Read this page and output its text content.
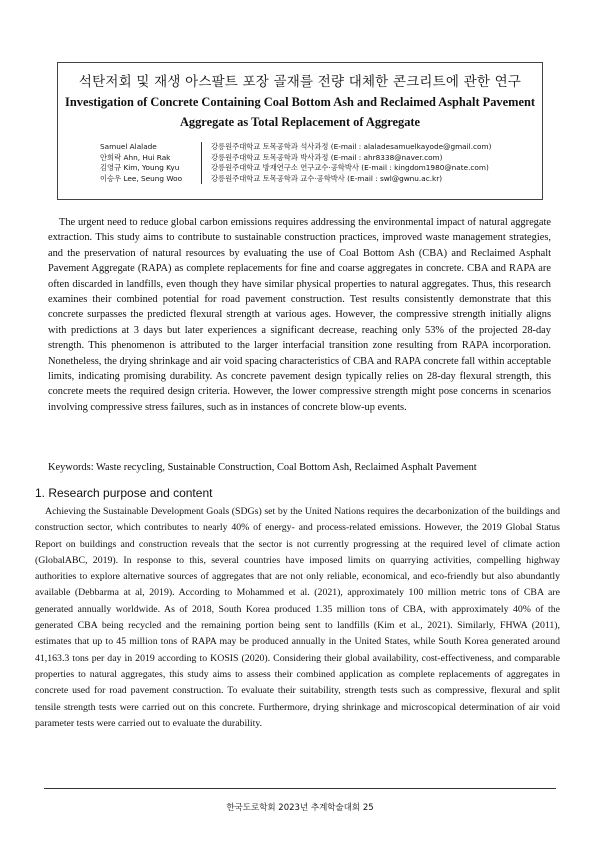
석탄저회 및 재생 아스팔트 포장 골재를 전량 대체한 콘크리트에 관한 연구
Investigation of Concrete Containing Coal Bottom Ash and Reclaimed Asphalt Pavement
Aggregate as Total Replacement of Aggregate
Samuel Alalade	강릉원주대학교 토목공학과 석사과정 (E-mail : alaladesamuelkayode@gmail.com)
안희락 Ahn, Hui Rak	강릉원주대학교 토목공학과 박사과정 (E-mail : ahr8338@naver.com)
김영규 Kim, Young Kyu	강릉원주대학교 방재연구소 연구교수·공학박사 (E-mail : kingdom1980@nate.com)
이승우 Lee, Seung Woo	강릉원주대학교 토목공학과 교수·공학박사 (E-mail : swl@gwnu.ac.kr)

The urgent need to reduce global carbon emissions requires addressing the environmental impact of natural aggregate extraction. This study aims to contribute to sustainable construction practices, improved waste management strategies, and the preservation of natural resources by evaluating the use of Coal Bottom Ash (CBA) and Reclaimed Asphalt Pavement Aggregate (RAPA) as complete replacements for fine and coarse aggregates in concrete. CBA and RAPA are often discarded in landfills, even though they have similar physical properties to natural aggregates. Thus, this research examines their combined potential for road pavement construction. Test results consistently demonstrate that this concrete surpasses the predicted flexural strength at various ages. However, the compressive strength initially aligns with predictions at 3 days but later experiences a significant decrease, reaching only 53% of the projected 28-day strength. This phenomenon is attributed to the larger interfacial transition zone resulting from RAPA incorporation. Nonetheless, the drying shrinkage and air void spacing characteristics of CBA and RAPA concrete fall within acceptable limits, indicating promising durability. As concrete pavement design typically relies on 28-day flexural strength, this concrete meets the required design criteria. However, the lower compressive strength might pose concerns in scenarios involving compressive stress failures, such as in instances of concrete blow-up events.

Keywords: Waste recycling, Sustainable Construction, Coal Bottom Ash, Reclaimed Asphalt Pavement
1. Research purpose and content

Achieving the Sustainable Development Goals (SDGs) set by the United Nations requires the decarbonization of the buildings and construction sector, which contributes to nearly 40% of energy- and process-related emissions. However, the 2019 Global Status Report on buildings and construction reveals that the sector is not currently progressing at the required level of climate action (GlobalABC, 2019). In response to this, several countries have imposed limits on quarrying activities, compelling highway authorities to explore alternative sources of aggregates that are not only reliable, economical, and eco-friendly but also abundantly available (Debbarma at al, 2019). According to Mohammed et al. (2021), approximately 100 million metric tons of CBA are generated annually worldwide. As of 2018, South Korea produced 1.35 million tons of CBA, with approximately 40% of the generated CBA being recycled and the remaining portion being sent to landfills (Kim et al., 2021). Similarly, FHWA (2011), estimates that up to 45 million tons of RAPA may be produced annually in the United States, while South Korea generated around 41,163.3 tons per day in 2019 according to KOSIS (2020). Considering their global availability, cost-effectiveness, and comparable properties to natural aggregates, this study aims to assess their combined application as complete replacements of aggregates in concrete used for road pavement construction. To evaluate their suitability, strength tests such as compressive, flexural and split tensile strength tests were carried out on this concrete. Furthermore, drying shrinkage and microscopical determination of air void parameter tests were carried out to evaluate the durability.

한국도로학회 2023년 추계학술대회 25
